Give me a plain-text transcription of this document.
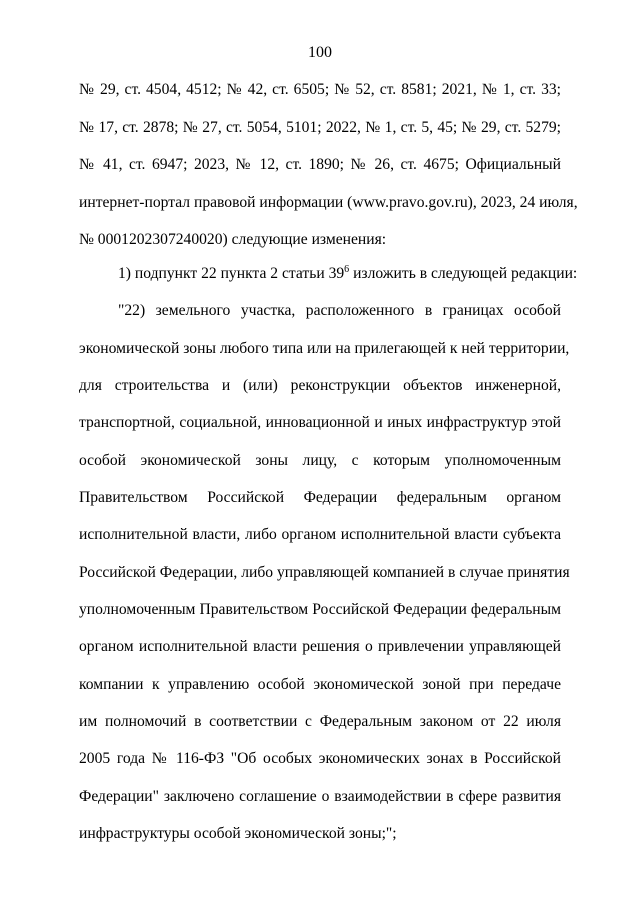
100
№ 29, ст. 4504, 4512; № 42, ст. 6505; № 52, ст. 8581; 2021, № 1, ст. 33;
№ 17, ст. 2878; № 27, ст. 5054, 5101; 2022, № 1, ст. 5, 45; № 29, ст. 5279;
№ 41, ст. 6947; 2023, № 12, ст. 1890; № 26, ст. 4675; Официальный
интернет-портал правовой информации (www.pravo.gov.ru), 2023, 24 июля,
№ 0001202307240020) следующие изменения:
1) подпункт 22 пункта 2 статьи $39^6$ изложить в следующей редакции:
"22) земельного участка, расположенного в границах особой
экономической зоны любого типа или на прилегающей к ней территории,
для строительства и (или) реконструкции объектов инженерной,
транспортной, социальной, инновационной и иных инфраструктур этой
особой экономической зоны лицу, с которым уполномоченным
Правительством Российской Федерации федеральным органом
исполнительной власти, либо органом исполнительной власти субъекта
Российской Федерации, либо управляющей компанией в случае принятия
уполномоченным Правительством Российской Федерации федеральным
органом исполнительной власти решения о привлечении управляющей
компании к управлению особой экономической зоной при передаче
им полномочий в соответствии с Федеральным законом от 22 июля
2005 года № 116-ФЗ "Об особых экономических зонах в Российской
Федерации" заключено соглашение о взаимодействии в сфере развития
инфраструктуры особой экономической зоны;";
